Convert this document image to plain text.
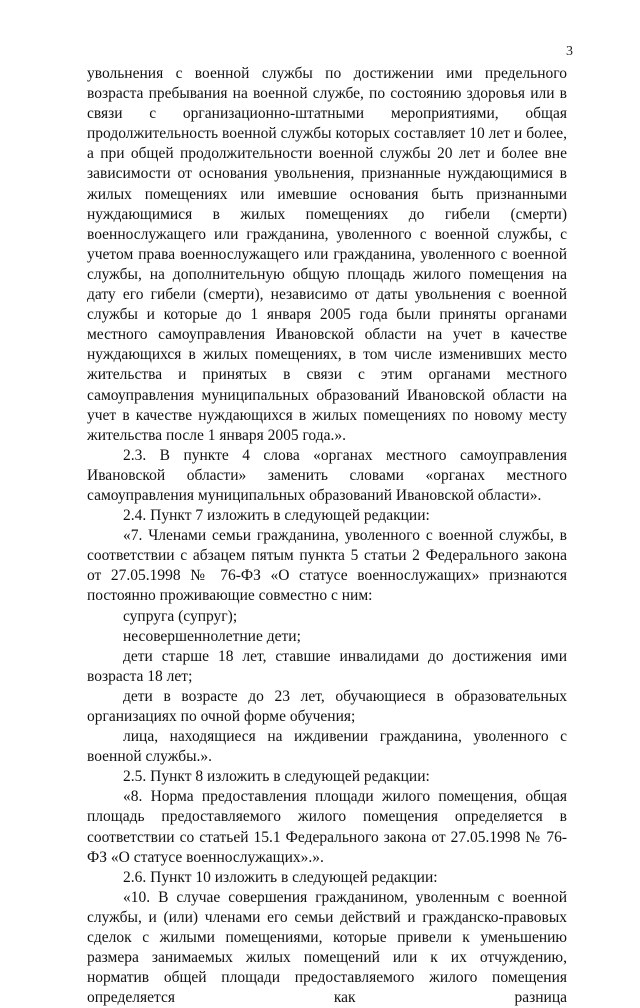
3

увольнения с военной службы по достижении ими предельного возраста пребывания на военной службе, по состоянию здоровья или в связи с организационно-штатными мероприятиями, общая продолжительность военной службы которых составляет 10 лет и более, а при общей продолжительности военной службы 20 лет и более вне зависимости от основания увольнения, признанные нуждающимися в жилых помещениях или имевшие основания быть признанными нуждающимися в жилых помещениях до гибели (смерти) военнослужащего или гражданина, уволенного с военной службы, с учетом права военнослужащего или гражданина, уволенного с военной службы, на дополнительную общую площадь жилого помещения на дату его гибели (смерти), независимо от даты увольнения с военной службы и которые до 1 января 2005 года были приняты органами местного самоуправления Ивановской области на учет в качестве нуждающихся в жилых помещениях, в том числе изменивших место жительства и принятых в связи с этим органами местного самоуправления муниципальных образований Ивановской области на учет в качестве нуждающихся в жилых помещениях по новому месту жительства после 1 января 2005 года.».

2.3. В пункте 4 слова «органах местного самоуправления Ивановской области» заменить словами «органах местного самоуправления муниципальных образований Ивановской области».

2.4. Пункт 7 изложить в следующей редакции:

«7. Членами семьи гражданина, уволенного с военной службы, в соответствии с абзацем пятым пункта 5 статьи 2 Федерального закона от 27.05.1998 № 76-ФЗ «О статусе военнослужащих» признаются постоянно проживающие совместно с ним:

супруга (супруг);

несовершеннолетние дети;

дети старше 18 лет, ставшие инвалидами до достижения ими возраста 18 лет;

дети в возрасте до 23 лет, обучающиеся в образовательных организациях по очной форме обучения;

лица, находящиеся на иждивении гражданина, уволенного с военной службы.».

2.5. Пункт 8 изложить в следующей редакции:

«8. Норма предоставления площади жилого помещения, общая площадь предоставляемого жилого помещения определяется в соответствии со статьей 15.1 Федерального закона от 27.05.1998 № 76-ФЗ «О статусе военнослужащих».».

2.6. Пункт 10 изложить в следующей редакции:

«10. В случае совершения гражданином, уволенным с военной службы, и (или) членами его семьи действий и гражданско-правовых сделок с жилыми помещениями, которые привели к уменьшению размера занимаемых жилых помещений или к их отчуждению, норматив общей площади предоставляемого жилого помещения определяется как разница
